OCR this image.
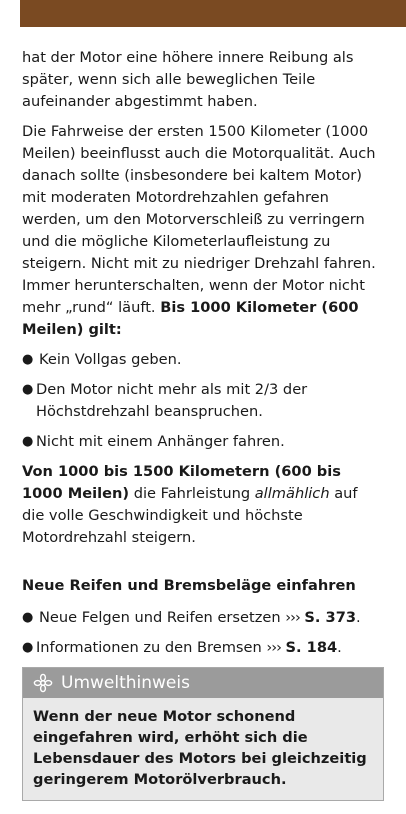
hat der Motor eine höhere innere Reibung als später, wenn sich alle beweglichen Teile aufeinander abgestimmt haben.

Die Fahrweise der ersten 1500 Kilometer (1000 Meilen) beeinflusst auch die Motorqualität. Auch danach sollte (insbesondere bei kaltem Motor) mit moderaten Motordrehzahlen gefahren werden, um den Motorverschleiß zu verringern und die mögliche Kilometerlaufleistung zu steigern. Nicht mit zu niedriger Drehzahl fahren. Immer herunterschalten, wenn der Motor nicht mehr „rund“ läuft. Bis 1000 Kilometer (600 Meilen) gilt:

● Kein Vollgas geben.
● Den Motor nicht mehr als mit 2/3 der Höchstdrehzahl beanspruchen.
● Nicht mit einem Anhänger fahren.

Von 1000 bis 1500 Kilometern (600 bis 1000 Meilen) die Fahrleistung allmählich auf die volle Geschwindigkeit und höchste Motordrehzahl steigern.

Neue Reifen und Bremsbeläge einfahren
● Neue Felgen und Reifen ersetzen ››› S. 373.
● Informationen zu den Bremsen ››› S. 184.
Umwelthinweis
Wenn der neue Motor schonend eingefahren wird, erhöht sich die Lebensdauer des Motors bei gleichzeitig geringerem Motorölverbrauch.
